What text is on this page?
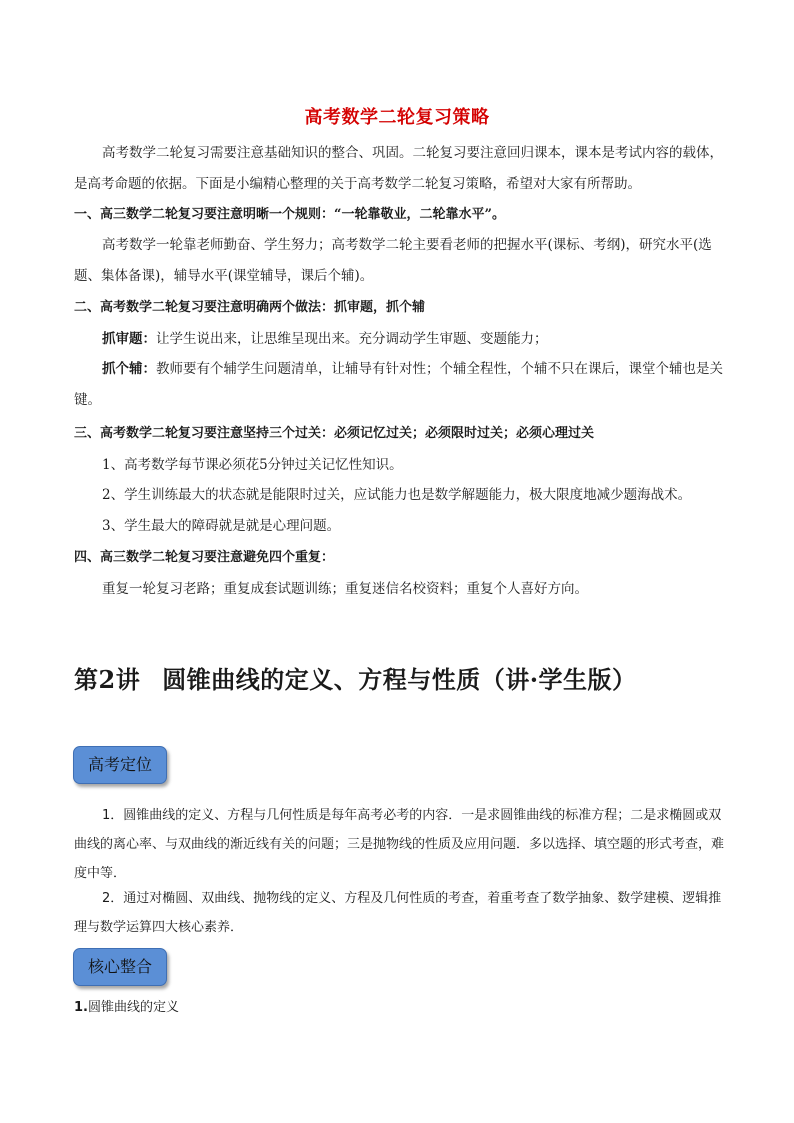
高考数学二轮复习策略

高考数学二轮复习需要注意基础知识的整合、巩固。二轮复习要注意回归课本，课本是考试内容的载体，是高考命题的依据。下面是小编精心整理的关于高考数学二轮复习策略，希望对大家有所帮助。

一、高三数学二轮复习要注意明晰一个规则：“一轮靠敬业，二轮靠水平”。

高考数学一轮靠老师勤奋、学生努力；高考数学二轮主要看老师的把握水平(课标、考纲)，研究水平(选题、集体备课)，辅导水平(课堂辅导，课后个辅)。

二、高考数学二轮复习要注意明确两个做法：抓审题，抓个辅

抓审题：让学生说出来，让思维呈现出来。充分调动学生审题、变题能力；

抓个辅：教师要有个辅学生问题清单，让辅导有针对性；个辅全程性，个辅不只在课后，课堂个辅也是关键。

三、高考数学二轮复习要注意坚持三个过关：必须记忆过关；必须限时过关；必须心理过关

1、高考数学每节课必须花5分钟过关记忆性知识。

2、学生训练最大的状态就是能限时过关，应试能力也是数学解题能力，极大限度地减少题海战术。

3、学生最大的障碍就是就是心理问题。

四、高三数学二轮复习要注意避免四个重复：

重复一轮复习老路；重复成套试题训练；重复迷信名校资料；重复个人喜好方向。

第2讲 圆锥曲线的定义、方程与性质（讲·学生版）
高考定位

1．圆锥曲线的定义、方程与几何性质是每年高考必考的内容．一是求圆锥曲线的标准方程；二是求椭圆或双曲线的离心率、与双曲线的渐近线有关的问题；三是抛物线的性质及应用问题．多以选择、填空题的形式考查，难度中等．

2．通过对椭圆、双曲线、抛物线的定义、方程及几何性质的考查，着重考查了数学抽象、数学建模、逻辑推理与数学运算四大核心素养．

核心整合
1.圆锥曲线的定义
